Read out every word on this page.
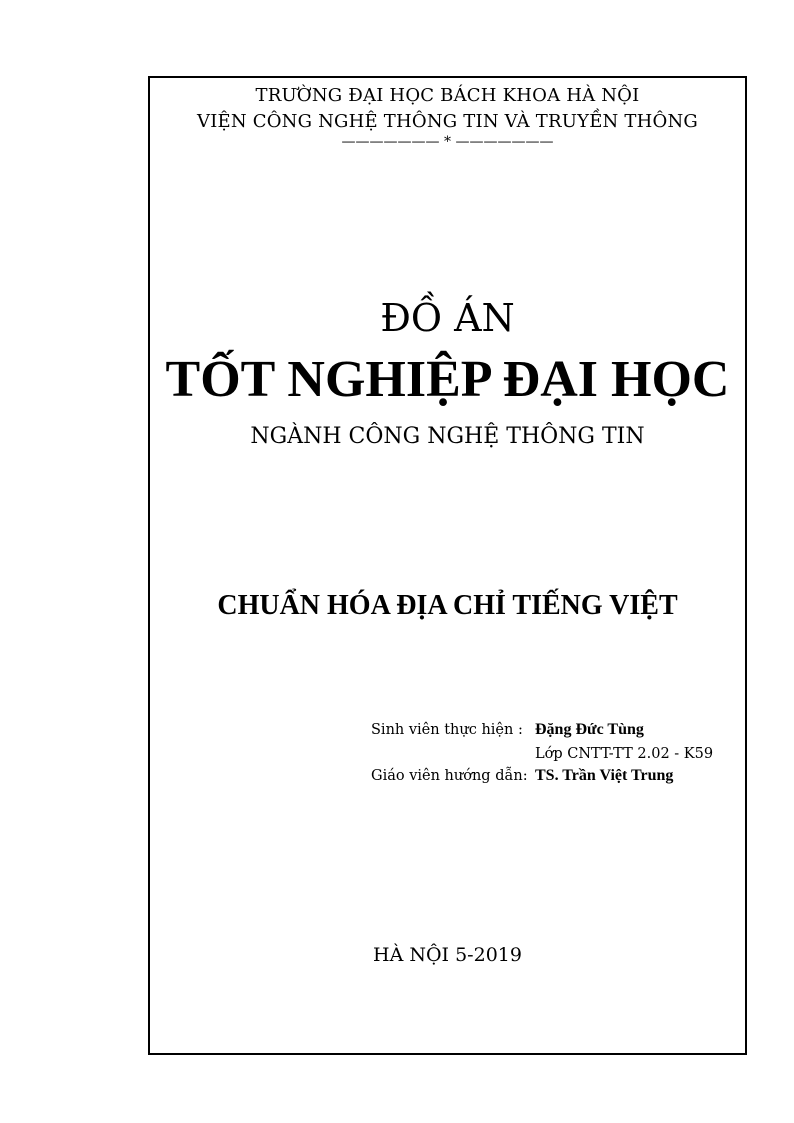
TRƯỜNG ĐẠI HỌC BÁCH KHOA HÀ NỘI
VIỆN CÔNG NGHỆ THÔNG TIN VÀ TRUYỀN THÔNG
——————— * ———————
ĐỒ ÁN
TỐT NGHIỆP ĐẠI HỌC
NGÀNH CÔNG NGHỆ THÔNG TIN
CHUẨN HÓA ĐỊA CHỈ TIẾNG VIỆT
Sinh viên thực hiện : Đặng Đức Tùng
Lớp CNTT-TT 2.02 - K59
Giáo viên hướng dẫn: TS. Trần Việt Trung
HÀ NỘI 5-2019
